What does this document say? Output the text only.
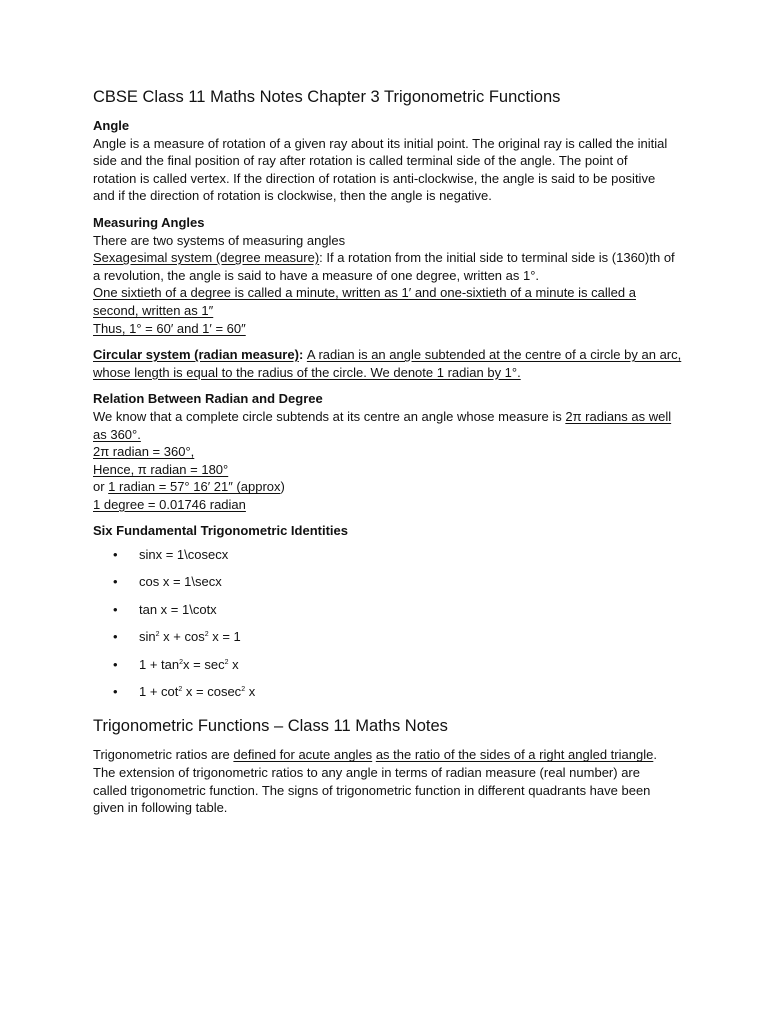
CBSE Class 11 Maths Notes Chapter 3 Trigonometric Functions

Angle

Angle is a measure of rotation of a given ray about its initial point. The original ray is called the initial

side and the final position of ray after rotation is called terminal side of the angle. The point of

rotation is called vertex. If the direction of rotation is anti-clockwise, the angle is said to be positive

and if the direction of rotation is clockwise, then the angle is negative.

Measuring Angles

There are two systems of measuring angles

Sexagesimal system (degree measure): If a rotation from the initial side to terminal side is (1360)th of

a revolution, the angle is said to have a measure of one degree, written as 1°.

One sixtieth of a degree is called a minute, written as 1′ and one-sixtieth of a minute is called a

second, written as 1″

Thus, 1° = 60′ and 1′ = 60″

Circular system (radian measure): A radian is an angle subtended at the centre of a circle by an arc,

whose length is equal to the radius of the circle. We denote 1 radian by 1°.

Relation Between Radian and Degree

We know that a complete circle subtends at its centre an angle whose measure is 2π radians as well

as 360°.

2π radian = 360°,

Hence, π radian = 180°

or 1 radian = 57° 16′ 21″ (approx)

1 degree = 0.01746 radian

Six Fundamental Trigonometric Identities

• sinx = 1\cosecx
• cos x = 1\secx
• tan x = 1\cotx
• $\sin^2 x + \cos^2 x = 1$
• $1 + \tan^2x = \sec^2 x$
• $1 + \cot^2 x = cosec^2$ x
Trigonometric Functions – Class 11 Maths Notes

Trigonometric ratios are defined for acute angles as the ratio of the sides of a right angled triangle.

The extension of trigonometric ratios to any angle in terms of radian measure (real number) are

called trigonometric function. The signs of trigonometric function in different quadrants have been

given in following table.
